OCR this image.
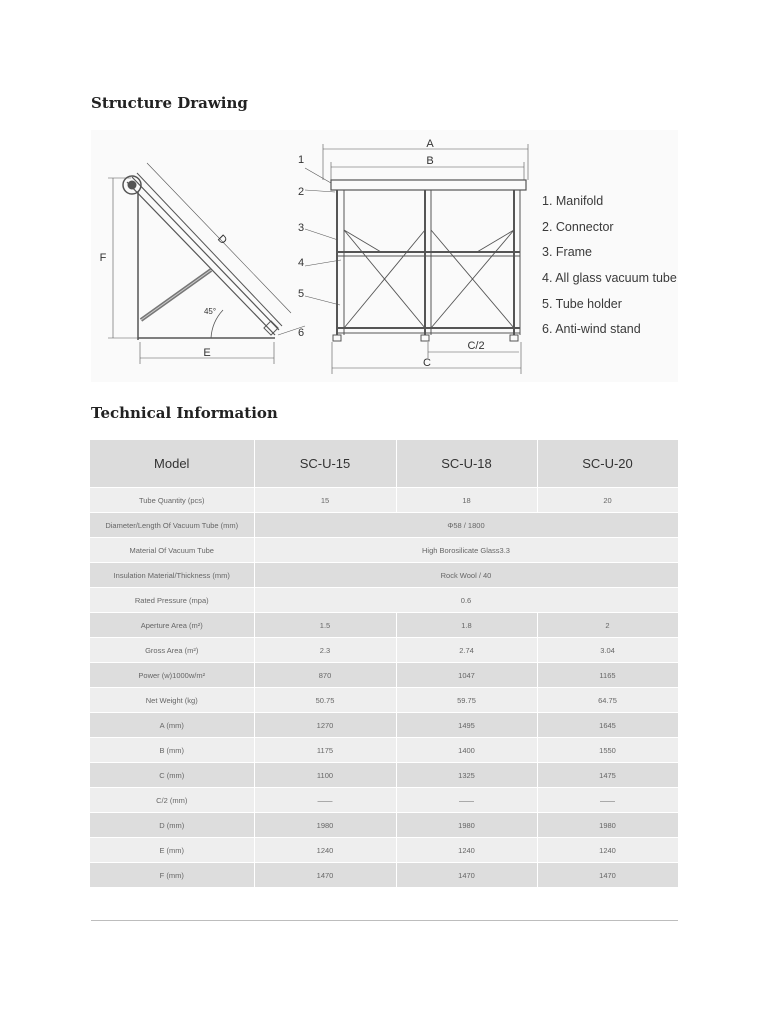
Structure Drawing
F
D
E
45°
A
B
C
C/2
1
2
3
4
5
6
1. Manifold
2. Connector
3. Frame
4. All glass vacuum tube
5. Tube holder
6. Anti-wind stand
Technical Information
Model	SC-U-15	SC-U-18	SC-U-20
Tube Quantity (pcs)	15	18	20
Diameter/Length Of Vacuum Tube (mm)	Φ58 / 1800		
Material Of Vacuum Tube	High Borosilicate Glass3.3		
Insulation Material/Thickness (mm)	Rock Wool / 40		
Rated Pressure (mpa)	0.6		
Aperture Area (m²)	1.5	1.8	2
Gross Area (m²)	2.3	2.74	3.04
Power (w)1000w/m²	870	1047	1165
Net Weight (kg)	50.75	59.75	64.75
A (mm)	1270	1495	1645
B (mm)	1175	1400	1550
C (mm)	1100	1325	1475
C/2 (mm)	——	——	——
D (mm)	1980	1980	1980
E (mm)	1240	1240	1240
F (mm)	1470	1470	1470
